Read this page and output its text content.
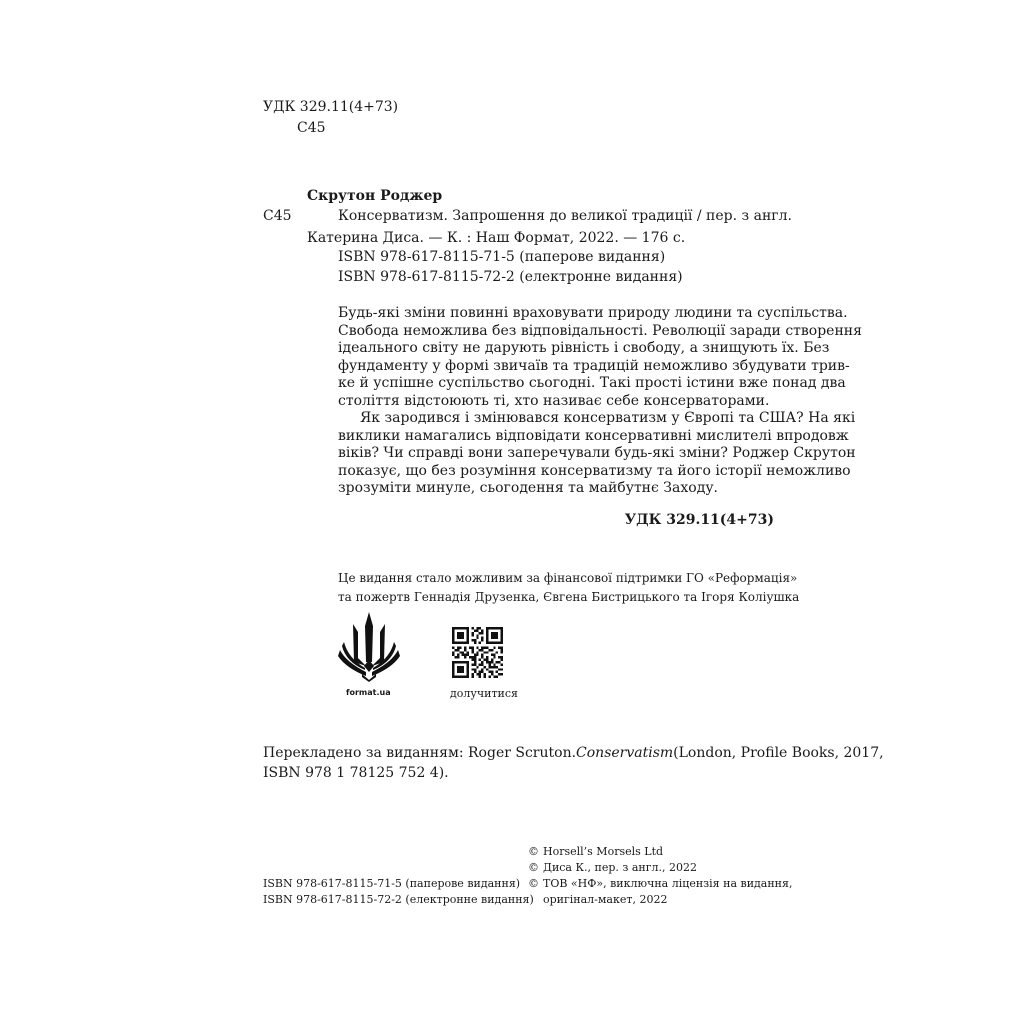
УДК 329.11(4+73)
С45
Скрутон Роджер
С45	Консерватизм. Запрошення до великої традиції / пер. з англ.
Катерина Диса. — К. : Наш Формат, 2022. — 176 с.
ISBN 978-617-8115-71-5 (паперове видання)
ISBN 978-617-8115-72-2 (електронне видання)

Будь-які зміни повинні враховувати природу людини та суспільства.

Свобода неможлива без відповідальності. Революції заради створення

ідеального світу не дарують рівність і свободу, а знищують їх. Без

фундаменту у формі звичаїв та традицій неможливо збудувати трив-

ке й успішне суспільство сьогодні. Такі прості істини вже понад два

століття відстоюють ті, хто називає себе консерваторами.

Як зародився і змінювався консерватизм у Європі та США? На які

виклики намагались відповідати консервативні мислителі впродовж

віків? Чи справді вони заперечували будь-які зміни? Роджер Скрутон

показує, що без розуміння консерватизму та його історії неможливо

зрозуміти минуле, сьогодення та майбутнє Заходу.

УДК 329.11(4+73)
Це видання стало можливим за фінансової підтримки ГО «Реформація»
та пожертв Геннадія Друзенка, Євгена Бистрицького та Ігоря Коліушка
format.ua	долучитися
Перекладено за виданням: Roger Scruton. Conservatism (London, Profile Books, 2017,
ISBN 978 1 78125 752 4).
© Horsell’s Morsels Ltd
© Диса К., пер. з англ., 2022
© ТОВ «НФ», виключна ліцензія на видання,
оригінал-макет, 2022
ISBN 978-617-8115-71-5 (паперове видання)
ISBN 978-617-8115-72-2 (електронне видання)
